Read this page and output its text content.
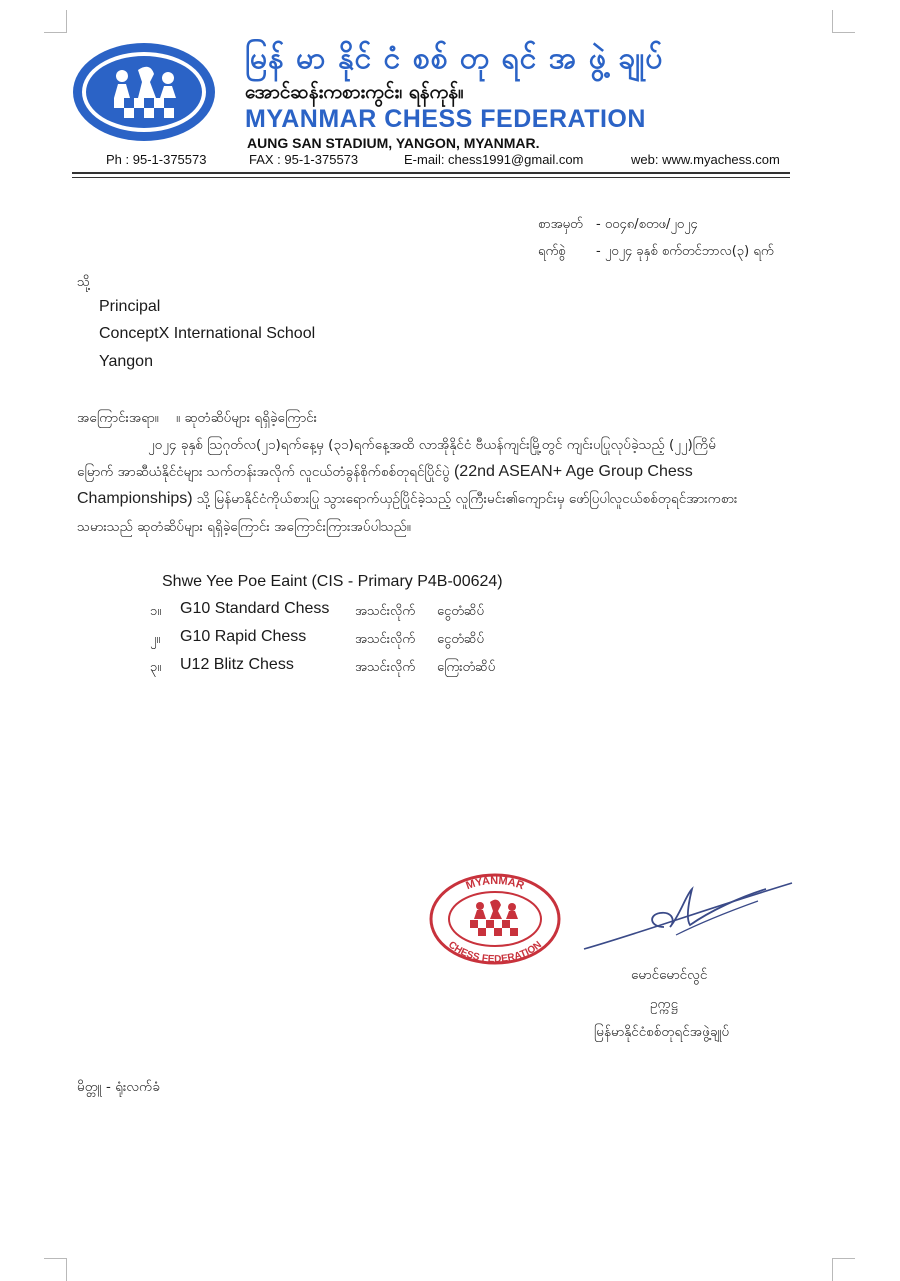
မြန် မာ နိုင် ငံ စစ် တု ရင် အ ဖွဲ့ ချုပ်
အောင်ဆန်းကစားကွင်း၊ ရန်ကုန်။
MYANMAR CHESS FEDERATION
AUNG SAN STADIUM, YANGON, MYANMAR.
Ph : 95-1-375573	FAX : 95-1-375573	E-mail: chess1991@gmail.com	web: www.myachess.com
စာအမှတ် - ၀၀၄၈/စတဖ/၂၀၂၄
ရက်စွဲ - ၂၀၂၄ ခုနှစ် စက်တင်ဘာလ(၃) ရက်
သို့
Principal
ConceptX International School
Yangon
အကြောင်းအရာ။ ။ ဆုတံဆိပ်များ ရရှိခဲ့ကြောင်း
၂၀၂၄ ခုနှစ် ဩဂုတ်လ(၂၁)ရက်နေ့မှ (၃၁)ရက်နေ့အထိ လာအိုနိုင်ငံ ဗီယန်ကျင်းမြို့တွင် ကျင်းပပြုလုပ်ခဲ့သည့် (၂၂)ကြိမ်
မြောက် အာဆီယံနိုင်ငံများ သက်တန်းအလိုက် လူငယ်တံခွန်စိုက်စစ်တုရင်ပြိုင်ပွဲ (22nd ASEAN+ Age Group Chess
Championships) သို့ မြန်မာနိုင်ငံကိုယ်စားပြု သွားရောက်ယှဉ်ပြိုင်ခဲ့သည့် လူကြီးမင်း၏ကျောင်းမှ ဖော်ပြပါလူငယ်စစ်တုရင်အားကစား
သမားသည် ဆုတံဆိပ်များ ရရှိခဲ့ကြောင်း အကြောင်းကြားအပ်ပါသည်။
Shwe Yee Poe Eaint (CIS - Primary P4B-00624)
၁။ G10 Standard Chess အသင်းလိုက် ငွေတံဆိပ်
၂။ G10 Rapid Chess	အသင်းလိုက် ငွေတံဆိပ်
၃။ U12 Blitz Chess	အသင်းလိုက် ကြေးတံဆိပ်
MYANMAR
CHESS FEDERATION
မောင်မောင်လွင်
ဥက္ကဋ္ဌ
မြန်မာနိုင်ငံစစ်တုရင်အဖွဲ့ချုပ်
မိတ္တူ - ရုံးလက်ခံ
